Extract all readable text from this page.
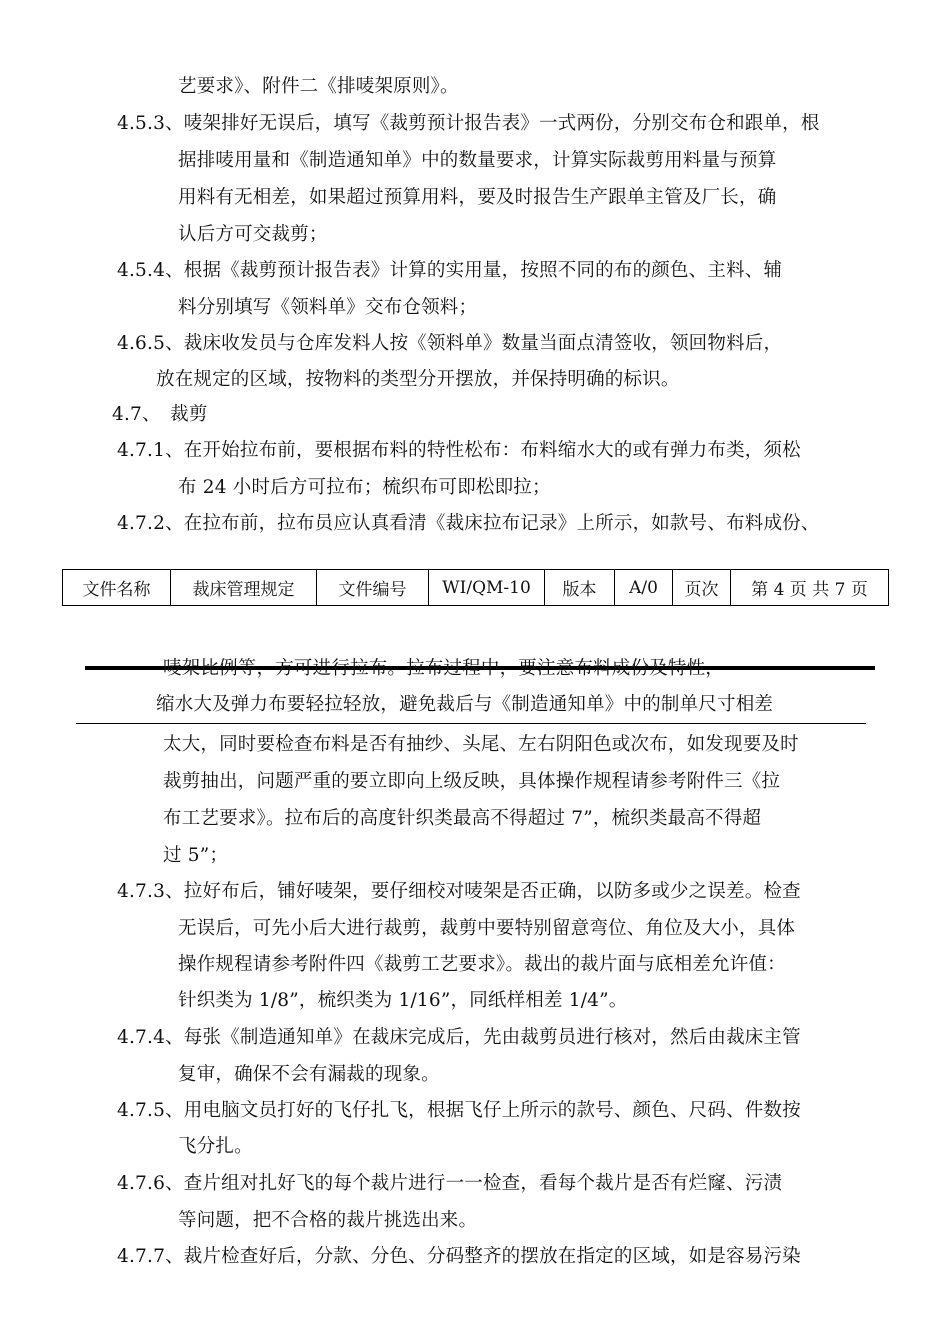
艺要求》、附件二《排唛架原则》。
4.5.3、唛架排好无误后，填写《裁剪预计报告表》一式两份，分别交布仓和跟单，根
据排唛用量和《制造通知单》中的数量要求，计算实际裁剪用料量与预算
用料有无相差，如果超过预算用料，要及时报告生产跟单主管及厂长，确
认后方可交裁剪；
4.5.4、根据《裁剪预计报告表》计算的实用量，按照不同的布的颜色、主料、辅
料分别填写《领料单》交布仓领料；
4.6.5、裁床收发员与仓库发料人按《领料单》数量当面点清签收，领回物料后，
放在规定的区域，按物料的类型分开摆放，并保持明确的标识。
4.7、　裁剪
4.7.1、在开始拉布前，要根据布料的特性松布：布料缩水大的或有弹力布类，须松
布 24 小时后方可拉布；梳织布可即松即拉；
4.7.2、在拉布前，拉布员应认真看清《裁床拉布记录》上所示，如款号、布料成份、
文件名称	裁床管理规定	文件编号	WI/QM-10	版本	A/0	页次	第 4 页 共 7 页
唛架比例等，方可进行拉布。拉布过程中，要注意布料成份及特性，
缩水大及弹力布要轻拉轻放，避免裁后与《制造通知单》中的制单尺寸相差
太大，同时要检查布料是否有抽纱、头尾、左右阴阳色或次布，如发现要及时
裁剪抽出，问题严重的要立即向上级反映，具体操作规程请参考附件三《拉
布工艺要求》。拉布后的高度针织类最高不得超过 7”，梳织类最高不得超
过 5”；
4.7.3、拉好布后，铺好唛架，要仔细校对唛架是否正确，以防多或少之误差。检查
无误后，可先小后大进行裁剪，裁剪中要特别留意弯位、角位及大小，具体
操作规程请参考附件四《裁剪工艺要求》。裁出的裁片面与底相差允许值：
针织类为 1/8”，梳织类为 1/16”，同纸样相差 1/4”。
4.7.4、每张《制造通知单》在裁床完成后，先由裁剪员进行核对，然后由裁床主管
复审，确保不会有漏裁的现象。
4.7.5、用电脑文员打好的飞仔扎飞，根据飞仔上所示的款号、颜色、尺码、件数按
飞分扎。
4.7.6、查片组对扎好飞的每个裁片进行一一检查，看每个裁片是否有烂窿、污渍
等问题，把不合格的裁片挑选出来。
4.7.7、裁片检查好后，分款、分色、分码整齐的摆放在指定的区域，如是容易污染
